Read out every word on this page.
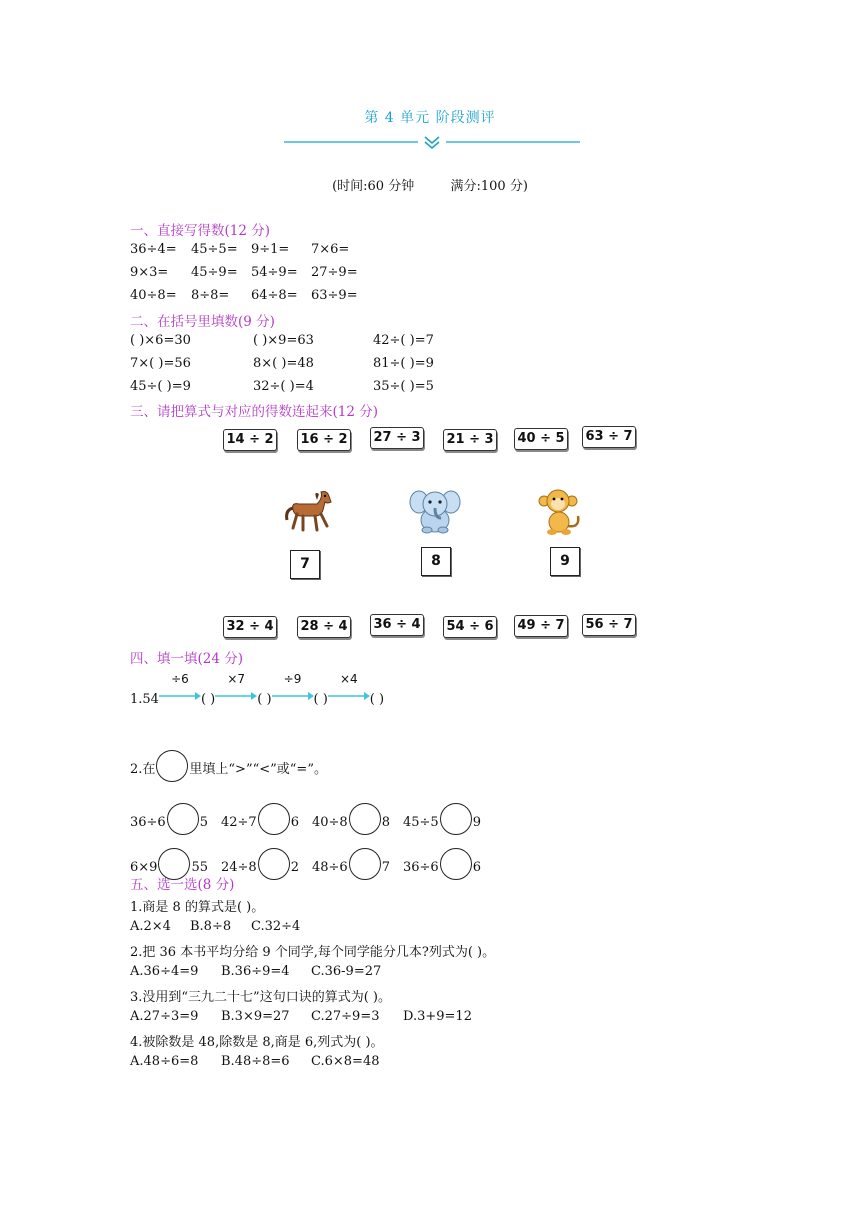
第 4 单元 阶段测评
(时间:60 分钟	满分:100 分)
一、直接写得数(12 分)
36÷4= 45÷5= 9÷1= 7×6=
9×3= 45÷9= 54÷9= 27÷9=
40÷8= 8÷8= 64÷8= 63÷9=
二、在括号里填数(9 分)
( )×6=30	( )×9=63	42÷( )=7
7×( )=56	8×( )=48	81÷( )=9
45÷( )=9	32÷( )=4	35÷( )=5
三、请把算式与对应的得数连起来(12 分)
14 ÷ 2 16 ÷ 2 27 ÷ 3 21 ÷ 3 40 ÷ 5 63 ÷ 7
7	8	9
32 ÷ 4 28 ÷ 4 36 ÷ 4 54 ÷ 6 49 ÷ 7 56 ÷ 7
四、填一填(24 分)
1.54
÷6
( )
×7
( )
÷9
( )
×4
( )
2.在	里填上“>”“<”或“=”。
36÷6	5 42÷7	6 40÷8	8 45÷5	9
6×9	55 24÷8	2 48÷6	7 36÷6	6
五、选一选(8 分)
1.商是 8 的算式是( )。
A.2×4 B.8÷8 C.32÷4
2.把 36 本书平均分给 9 个同学,每个同学能分几本?列式为( )。
A.36÷4=9 B.36÷9=4 C.36-9=27
3.没用到“三九二十七”这句口诀的算式为( )。
A.27÷3=9 B.3×9=27 C.27÷9=3 D.3+9=12
4.被除数是 48,除数是 8,商是 6,列式为( )。
A.48÷6=8 B.48÷8=6 C.6×8=48
